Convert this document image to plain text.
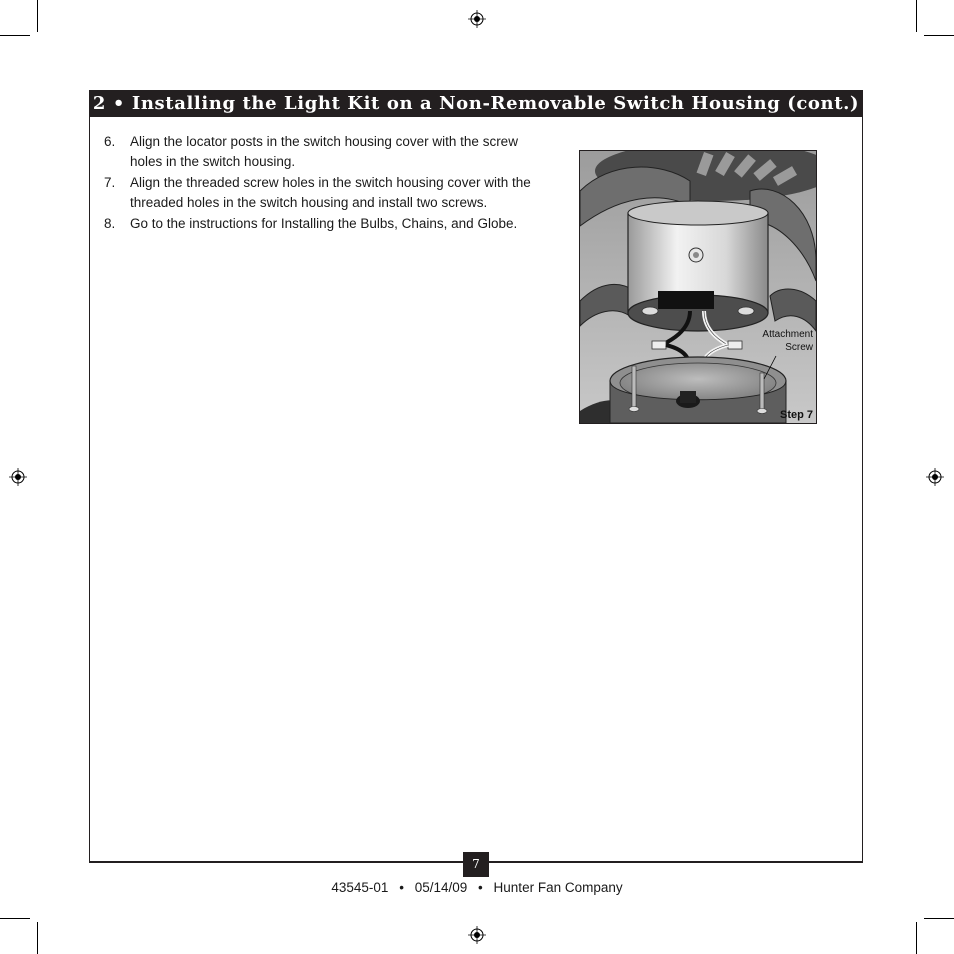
2 • Installing the Light Kit on a Non-Removable Switch Housing (cont.)
6. Align the locator posts in the switch housing cover with the screw holes in the switch housing.
7. Align the threaded screw holes in the switch housing cover with the threaded holes in the switch housing and install two screws.
8. Go to the instructions for Installing the Bulbs, Chains, and Globe.
Attachment
Screw
Step 7
7
43545-01 • 05/14/09 • Hunter Fan Company
